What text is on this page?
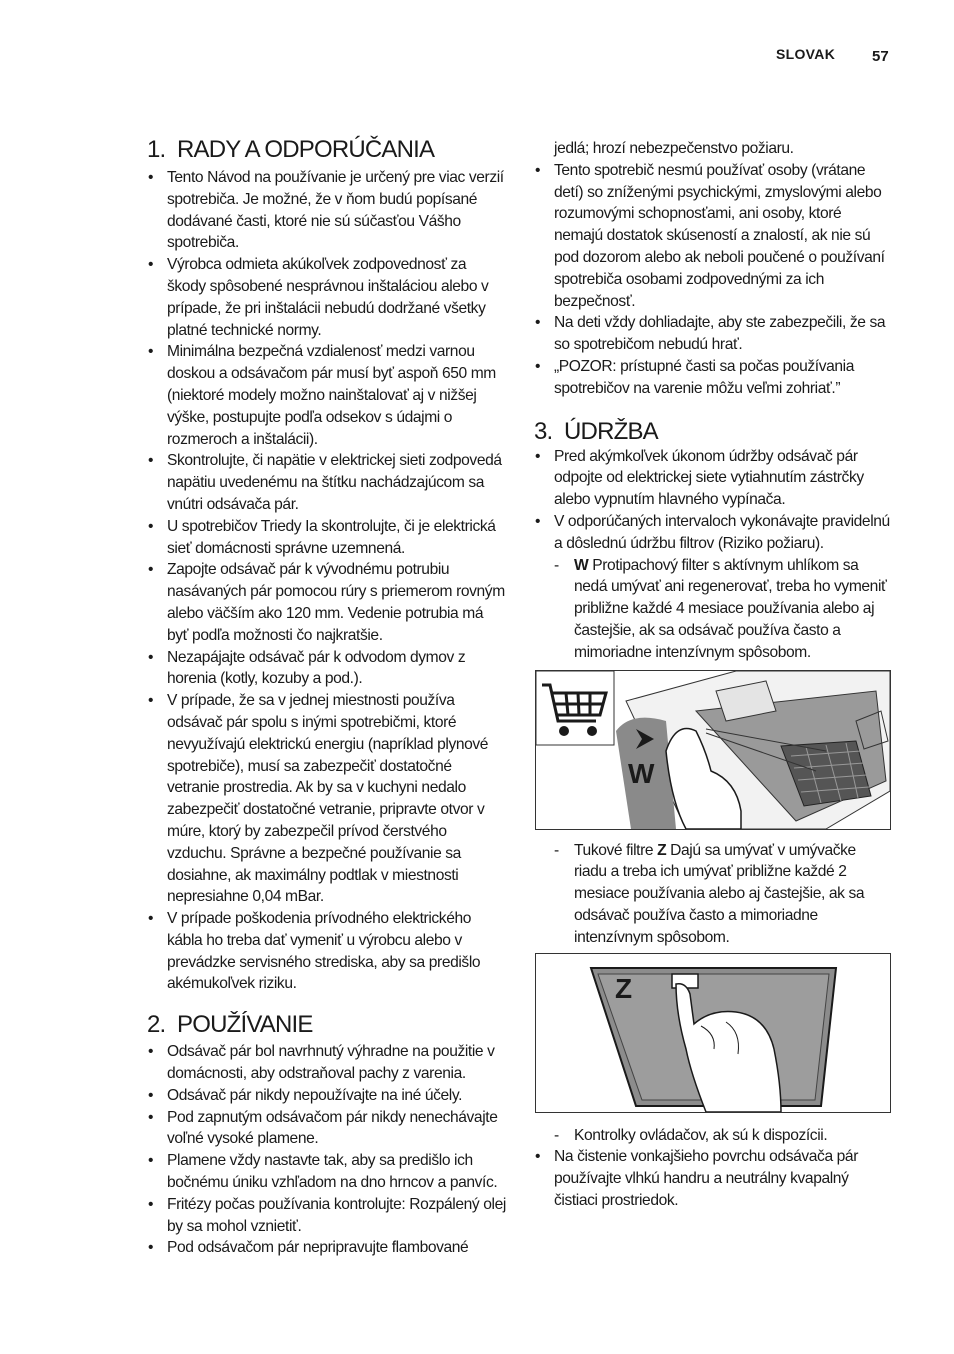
SLOVAK 57
1. RADY A ODPORÚČANIA
• Tento Návod na používanie je určený pre viac verzií spotrebiča. Je možné, že v ňom budú popísané dodávané časti, ktoré nie sú súčasťou Vášho spotrebiča.
• Výrobca odmieta akúkoľvek zodpovednosť za škody spôsobené nesprávnou inštaláciou alebo v prípade, že pri inštalácii nebudú dodržané všetky platné technické normy.
• Minimálna bezpečná vzdialenosť medzi varnou doskou a odsávačom pár musí byť aspoň 650 mm (niektoré modely možno nainštalovať aj v nižšej výške, postupujte podľa odsekov s údajmi o rozmeroch a inštalácii).
• Skontrolujte, či napätie v elektrickej sieti zodpovedá napätiu uvedenému na štítku nachádzajúcom sa vnútri odsávača pár.
• U spotrebičov Triedy Ia skontrolujte, či je elektrická sieť domácnosti správne uzemnená.
• Zapojte odsávač pár k vývodnému potrubiu nasávaných pár pomocou rúry s priemerom rovným alebo väčším ako 120 mm. Vedenie potrubia má byť podľa možnosti čo najkratšie.
• Nezapájajte odsávač pár k odvodom dymov z horenia (kotly, kozuby a pod.).
• V prípade, že sa v jednej miestnosti používa odsávač pár spolu s inými spotrebičmi, ktoré nevyužívajú elektrickú energiu (napríklad plynové spotrebiče), musí sa zabezpečiť dostatočné vetranie prostredia. Ak by sa v kuchyni nedalo zabezpečiť dostatočné vetranie, pripravte otvor v múre, ktorý by zabezpečil prívod čerstvého vzduchu. Správne a bezpečné používanie sa dosiahne, ak maximálny podtlak v miestnosti nepresiahne 0,04 mBar.
• V prípade poškodenia prívodného elektrického kábla ho treba dať vymeniť u výrobcu alebo v prevádzke servisného strediska, aby sa predišlo akémukoľvek riziku.
2. POUŽÍVANIE
• Odsávač pár bol navrhnutý výhradne na použitie v domácnosti, aby odstraňoval pachy z varenia.
• Odsávač pár nikdy nepoužívajte na iné účely.
• Pod zapnutým odsávačom pár nikdy nenechávajte voľné vysoké plamene.
• Plamene vždy nastavte tak, aby sa predišlo ich bočnému úniku vzhľadom na dno hrncov a panvíc.
• Fritézy počas používania kontrolujte: Rozpálený olej by sa mohol vznietiť.
• Pod odsávačom pár nepripravujte flambované
jedlá; hrozí nebezpečenstvo požiaru.
• Tento spotrebič nesmú používať osoby (vrátane detí) so zníženými psychickými, zmyslovými alebo rozumovými schopnosťami, ani osoby, ktoré nemajú dostatok skúseností a znalostí, ak nie sú pod dozorom alebo ak neboli poučené o používaní spotrebiča osobami zodpovednými za ich bezpečnosť.
• Na deti vždy dohliadajte, aby ste zabezpečili, že sa so spotrebičom nebudú hrať.
• „POZOR: prístupné časti sa počas používania spotrebičov na varenie môžu veľmi zohriať.”
3. ÚDRŽBA
• Pred akýmkoľvek úkonom údržby odsávač pár odpojte od elektrickej siete vytiahnutím zástrčky alebo vypnutím hlavného vypínača.
• V odporúčaných intervaloch vykonávajte pravidelnú a dôslednú údržbu filtrov (Riziko požiaru).
- W Protipachový filter s aktívnym uhlíkom sa nedá umývať ani regenerovať, treba ho vymeniť približne každé 4 mesiace používania alebo aj častejšie, ak sa odsávač používa často a mimoriadne intenzívnym spôsobom.
W
- Tukové filtre Z Dajú sa umývať v umývačke riadu a treba ich umývať približne každé 2 mesiace používania alebo aj častejšie, ak sa odsávač používa často a mimoriadne intenzívnym spôsobom.
Z
- Kontrolky ovládačov, ak sú k dispozícii.
• Na čistenie vonkajšieho povrchu odsávača pár používajte vlhkú handru a neutrálny kvapalný čistiaci prostriedok.
